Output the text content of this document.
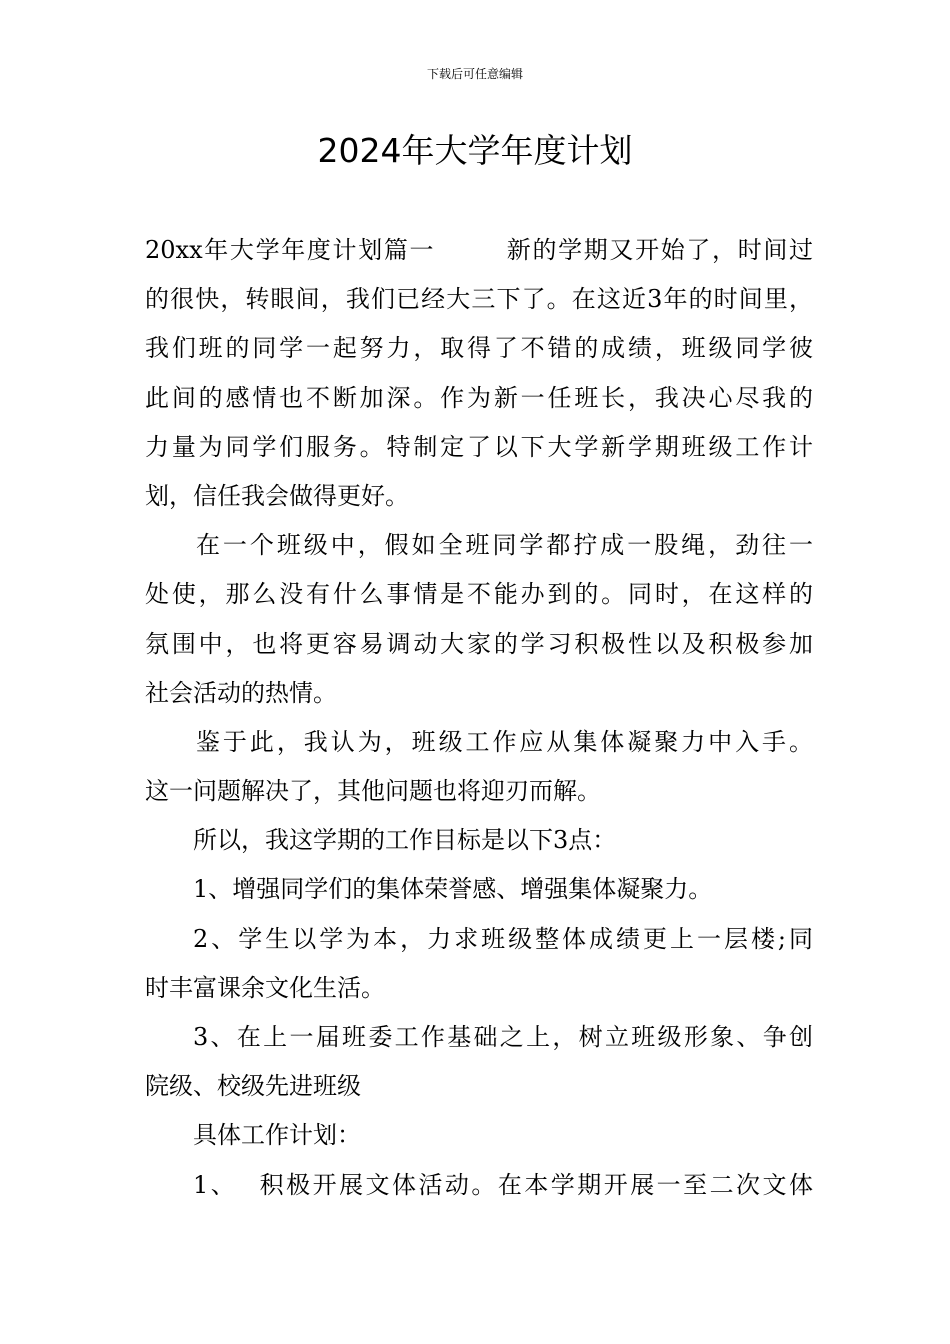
下载后可任意编辑
2024年大学年度计划
20xx年大学年度计划篇一	新的学期又开始了，时间过
的很快，转眼间，我们已经大三下了。在这近3年的时间里，
我们班的同学一起努力，取得了不错的成绩，班级同学彼
此间的感情也不断加深。作为新一任班长，我决心尽我的
力量为同学们服务。特制定了以下大学新学期班级工作计
划，信任我会做得更好。
在一个班级中，假如全班同学都拧成一股绳，劲往一
处使，那么没有什么事情是不能办到的。同时，在这样的
氛围中，也将更容易调动大家的学习积极性以及积极参加
社会活动的热情。
鉴于此，我认为，班级工作应从集体凝聚力中入手。
这一问题解决了，其他问题也将迎刃而解。
所以，我这学期的工作目标是以下3点：
1、增强同学们的集体荣誉感、增强集体凝聚力。
2、学生以学为本，力求班级整体成绩更上一层楼;同
时丰富课余文化生活。
3、在上一届班委工作基础之上，树立班级形象、争创
院级、校级先进班级
具体工作计划：
1、 积极开展文体活动。在本学期开展一至二次文体
